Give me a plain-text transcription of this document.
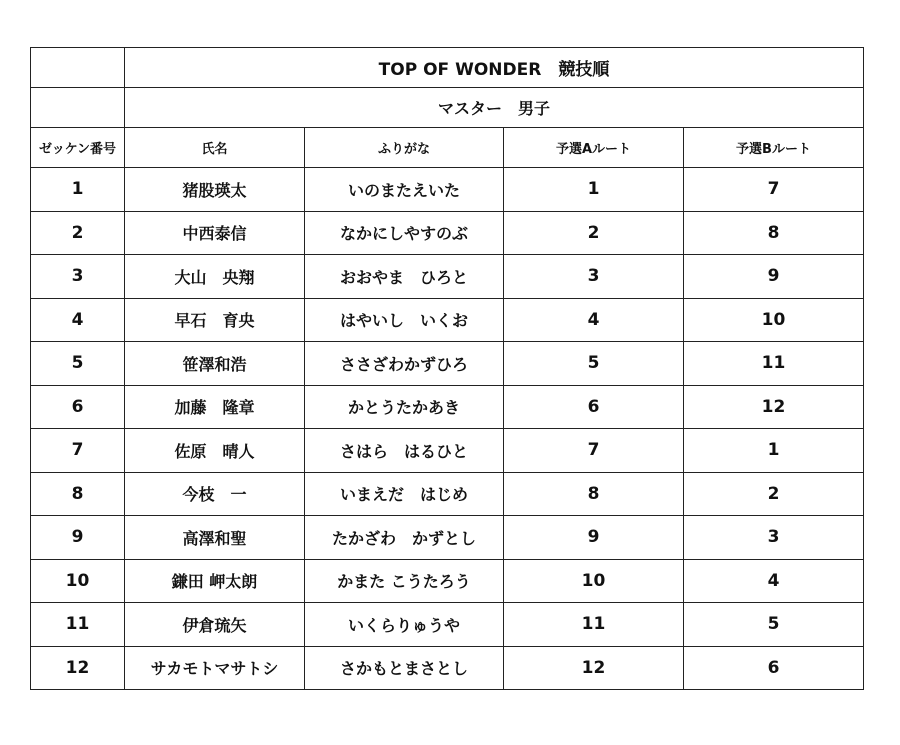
	TOP OF WONDER　競技順			
	マスター　男子			
ゼッケン番号	氏名	ふりがな	予選Aルート	予選Bルート
1	猪股瑛太	いのまたえいた	1	7
2	中西泰信	なかにしやすのぶ	2	8
3	大山　央翔	おおやま　ひろと	3	9
4	早石　育央	はやいし　いくお	4	10
5	笹澤和浩	ささざわかずひろ	5	11
6	加藤　隆章	かとうたかあき	6	12
7	佐原　晴人	さはら　はるひと	7	1
8	今枝　一	いまえだ　はじめ	8	2
9	高澤和聖	たかざわ　かずとし	9	3
10	鎌田 岬太朗	かまた こうたろう	10	4
11	伊倉琉矢	いくらりゅうや	11	5
12	サカモトマサトシ	さかもとまさとし	12	6
